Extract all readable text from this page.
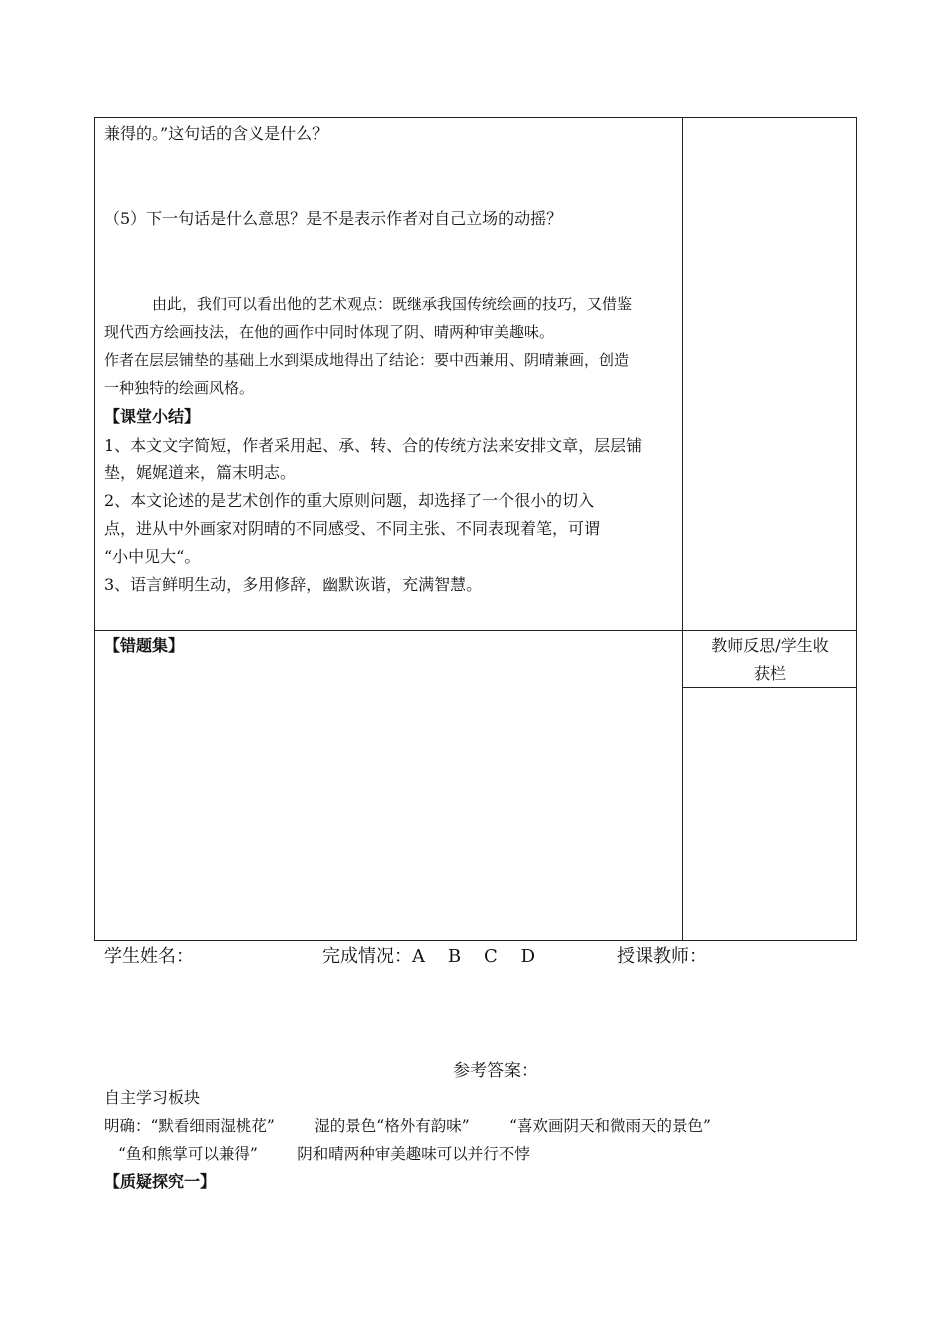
兼得的。”这句话的含义是什么？
（5）下一句话是什么意思？是不是表示作者对自己立场的动摇？
由此，我们可以看出他的艺术观点：既继承我国传统绘画的技巧，又借鉴
现代西方绘画技法，在他的画作中同时体现了阴、晴两种审美趣味。
作者在层层铺垫的基础上水到渠成地得出了结论：要中西兼用、阴晴兼画，创造
一种独特的绘画风格。
【课堂小结】
1、本文文字简短，作者采用起、承、转、合的传统方法来安排文章，层层铺
垫，娓娓道来，篇末明志。
2、本文论述的是艺术创作的重大原则问题，却选择了一个很小的切入
点，进从中外画家对阴晴的不同感受、不同主张、不同表现着笔，可谓
“小中见大“。
3、语言鲜明生动，多用修辞，幽默诙谐，充满智慧。
【错题集】	教师反思/学生收
获栏
学生姓名：	完成情况：A    B    C    D	授课教师：
参考答案：
自主学习板块
明确：“默看细雨湿桃花”        湿的景色“格外有韵味”        “喜欢画阴天和微雨天的景色”
“鱼和熊掌可以兼得”        阴和晴两种审美趣味可以并行不悖
【质疑探究一】
